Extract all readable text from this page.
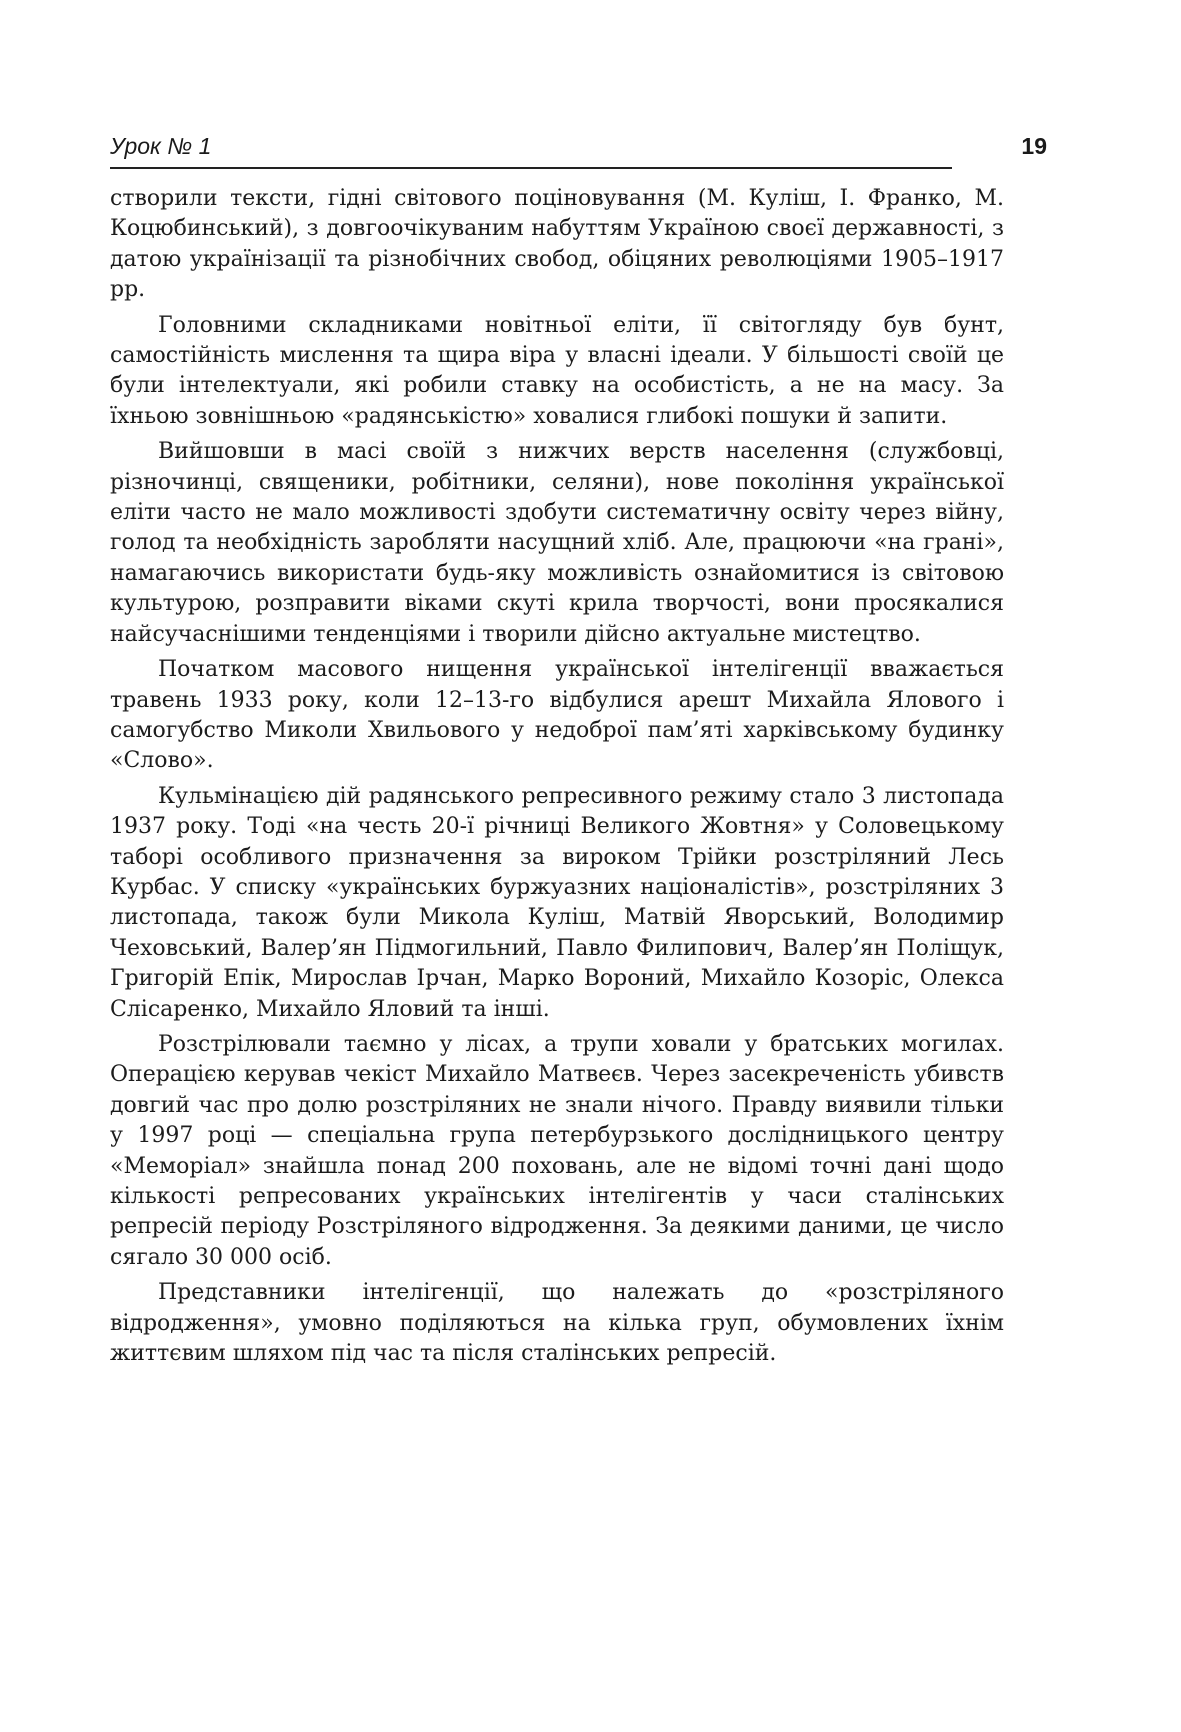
Урок № 1	19

створили тексти, гідні світового поціновування (М. Куліш, І. Франко, М. Коцюбинський), з довгоочікуваним набуттям Україною своєї державності, з датою українізації та різнобічних свобод, обіцяних революціями 1905–1917 рр.

Головними складниками новітньої еліти, її світогляду був бунт, самостійність мислення та щира віра у власні ідеали. У більшості своїй це були інтелектуали, які робили ставку на особистість, а не на масу. За їхньою зовнішньою «радянськістю» ховалися глибокі пошуки й запити.

Вийшовши в масі своїй з нижчих верств населення (службовці, різночинці, священики, робітники, селяни), нове покоління української еліти часто не мало можливості здобути систематичну освіту через війну, голод та необхідність заробляти насущний хліб. Але, працюючи «на грані», намагаючись використати будь-яку можливість ознайомитися із світовою культурою, розправити віками скуті крила творчості, вони просякалися найсучаснішими тенденціями і творили дійсно актуальне мистецтво.

Початком масового нищення української інтелігенції вважається травень 1933 року, коли 12–13-го відбулися арешт Михайла Ялового і самогубство Миколи Хвильового у недоброї пам’яті харківському будинку «Слово».

Кульмінацією дій радянського репресивного режиму стало 3 листопада 1937 року. Тоді «на честь 20-ї річниці Великого Жовтня» у Соловецькому таборі особливого призначення за вироком Трійки розстріляний Лесь Курбас. У списку «українських буржуазних націоналістів», розстріляних 3 листопада, також були Микола Куліш, Матвій Яворський, Володимир Чеховський, Валер’ян Підмогильний, Павло Филипович, Валер’ян Поліщук, Григорій Епік, Мирослав Ірчан, Марко Вороний, Михайло Козоріс, Олекса Слісаренко, Михайло Яловий та інші.

Розстрілювали таємно у лісах, а трупи ховали у братських могилах. Операцією керував чекіст Михайло Матвеєв. Через засекреченість убивств довгий час про долю розстріляних не знали нічого. Правду виявили тільки у 1997 році — спеціальна група петербурзького дослідницького центру «Меморіал» знайшла понад 200 поховань, але не відомі точні дані щодо кількості репресованих українських інтелігентів у часи сталінських репресій періоду Розстріляного відродження. За деякими даними, це число сягало 30 000 осіб.

Представники інтелігенції, що належать до «розстріляного відродження», умовно поділяються на кілька груп, обумовлених їхнім життєвим шляхом під час та після сталінських репресій.
